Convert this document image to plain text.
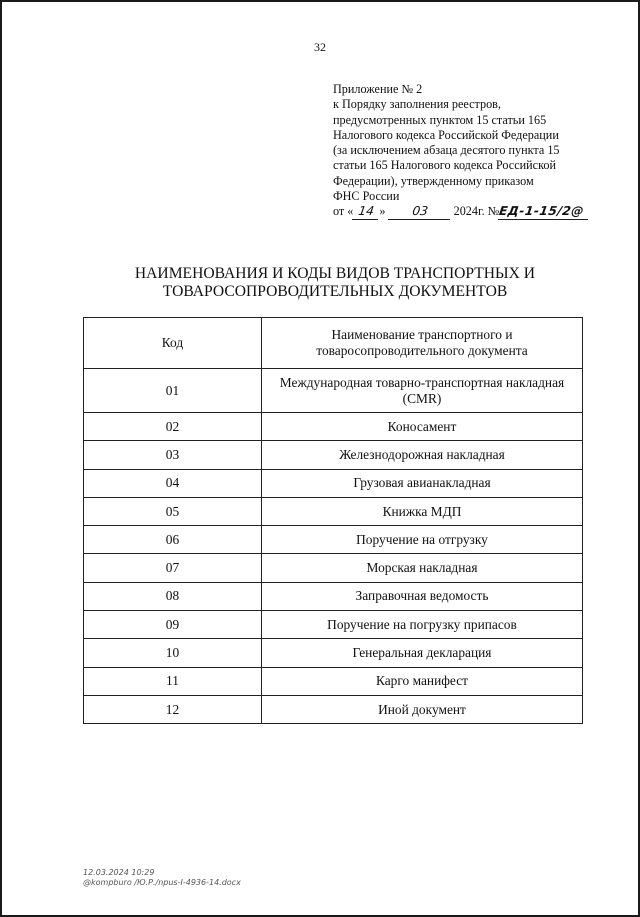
32
Приложение № 2
к Порядку заполнения реестров,
предусмотренных пунктом 15 статьи 165
Налогового кодекса Российской Федерации
(за исключением абзаца десятого пункта 15
статьи 165 Налогового кодекса Российской
Федерации), утвержденному приказом
ФНС России
от « 14 » 03 2024г. №ЕД-1-15/2@
НАИМЕНОВАНИЯ И КОДЫ ВИДОВ ТРАНСПОРТНЫХ И
ТОВАРОСОПРОВОДИТЕЛЬНЫХ ДОКУМЕНТОВ
Код	Наименование транспортного и
товаросопроводительного документа

01	Международная товарно-транспортная накладная
(CMR)

02	Коносамент
03	Железнодорожная накладная
04	Грузовая авианакладная
05	Книжка МДП
06	Поручение на отгрузку
07	Морская накладная
08	Заправочная ведомость
09	Поручение на погрузку припасов
10	Генеральная декларация
11	Карго манифест
12	Иной документ
12.03.2024 10:29
@kompburo /Ю.Р./npus-I-4936-14.docx
